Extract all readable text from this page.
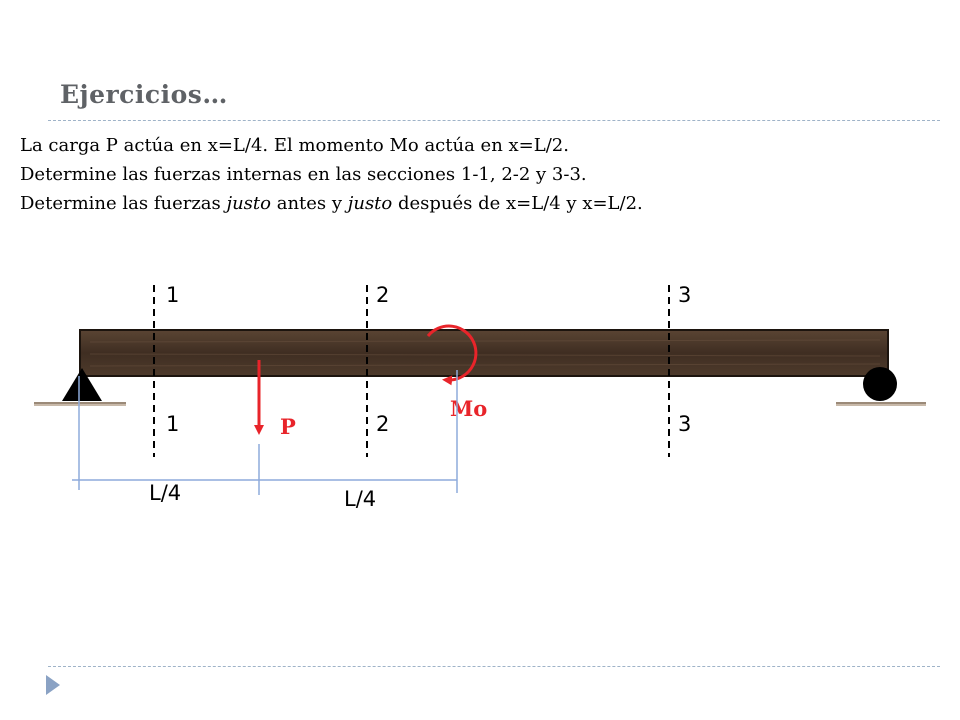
Ejercicios…

La carga P actúa en x=L/4. El momento Mo actúa en x=L/2.

Determine las fuerzas internas en las secciones 1-1, 2-2 y 3-3.

Determine las fuerzas justo antes y justo después de x=L/4 y x=L/2.

1	2	3
1	2	3
P
Mo
L/4	L/4
